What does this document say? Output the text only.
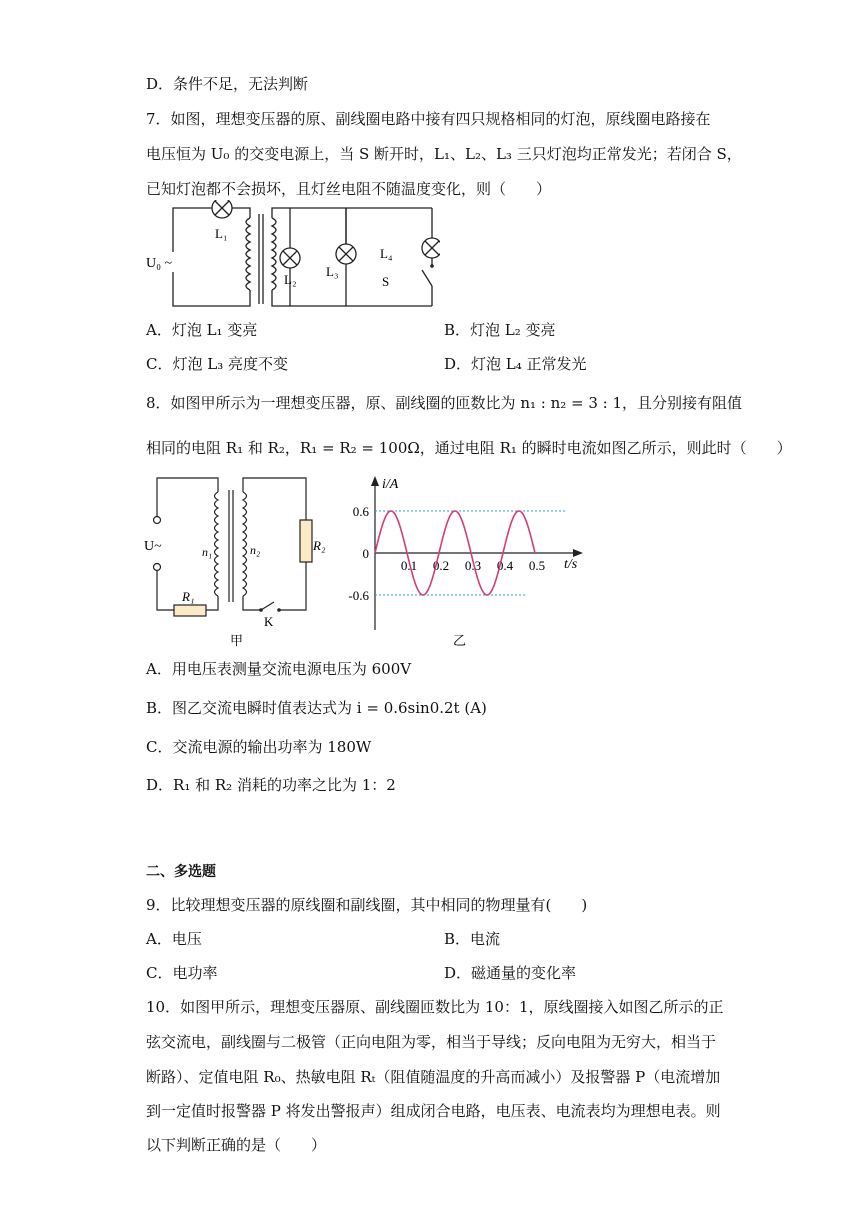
D．条件不足，无法判断
7．如图，理想变压器的原、副线圈电路中接有四只规格相同的灯泡，原线圈电路接在
电压恒为 U₀ 的交变电源上，当 S 断开时，L₁、L₂、L₃ 三只灯泡均正常发光；若闭合 S，
已知灯泡都不会损坏，且灯丝电阻不随温度变化，则（　　）
U₀ ~
L₁
L₂
L₃
L₄
S
A．灯泡 L₁ 变亮	B．灯泡 L₂ 变亮
C．灯泡 L₃ 亮度不变	D．灯泡 L₄ 正常发光
8．如图甲所示为一理想变压器，原、副线圈的匝数比为 n₁ : n₂ = 3 : 1，且分别接有阻值
相同的电阻 R₁ 和 R₂，R₁ = R₂ = 100Ω，通过电阻 R₁ 的瞬时电流如图乙所示，则此时（　　）
U~	n₁	n₂
R₁
R₂
K
甲
i/A
t/s
乙
0.6
0
-0.6
0.1 0.2 0.3 0.4 0.5
A．用电压表测量交流电源电压为 600V
B．图乙交流电瞬时值表达式为 i = 0.6sin0.2t (A)
C．交流电源的输出功率为 180W
D．R₁ 和 R₂ 消耗的功率之比为 1：2
二、多选题
9．比较理想变压器的原线圈和副线圈，其中相同的物理量有(　　)
A．电压	B．电流
C．电功率	D．磁通量的变化率
10．如图甲所示，理想变压器原、副线圈匝数比为 10：1，原线圈接入如图乙所示的正
弦交流电，副线圈与二极管（正向电阻为零，相当于导线；反向电阻为无穷大，相当于
断路）、定值电阻 R₀、热敏电阻 Rₜ（阻值随温度的升高而减小）及报警器 P（电流增加
到一定值时报警器 P 将发出警报声）组成闭合电路，电压表、电流表均为理想电表。则
以下判断正确的是（　　）
